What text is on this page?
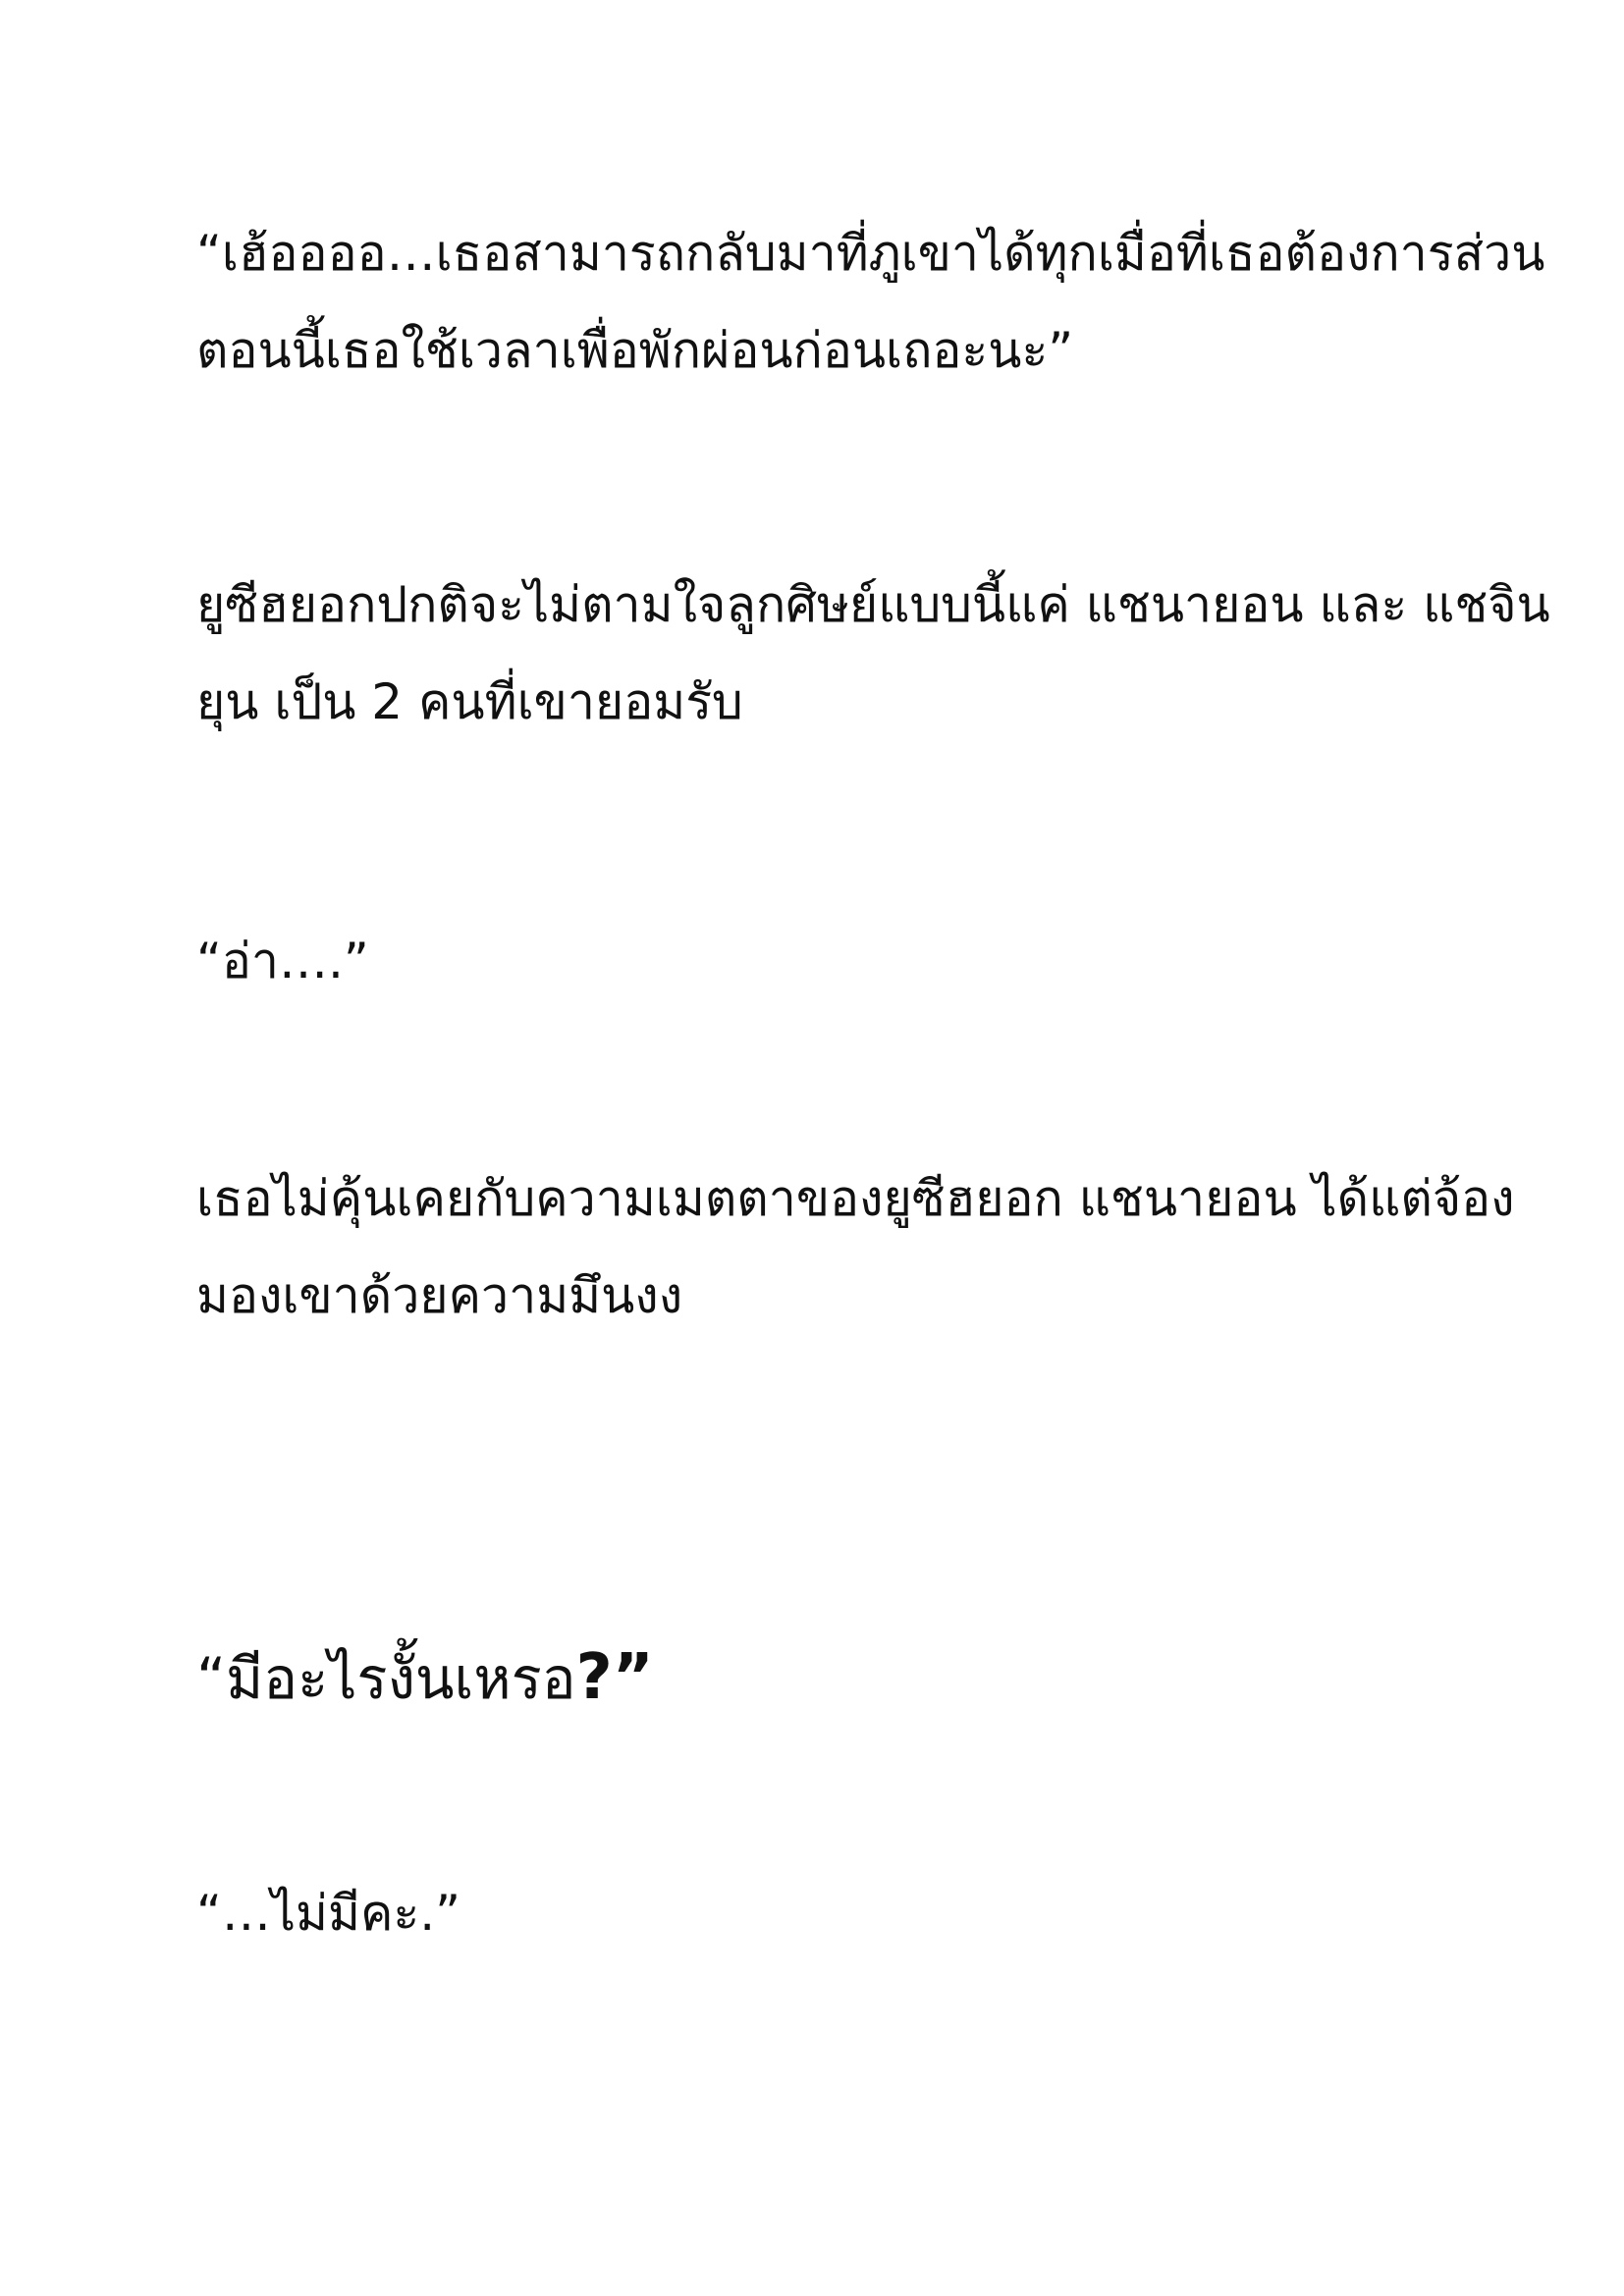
“เฮ้ออออ…เธอสามารถกลับมาที่ภูเขาได้ทุกเมื่อที่เธอต้องการส่วน
ตอนนี้เธอใช้เวลาเพื่อพักผ่อนก่อนเถอะนะ”

ยูซีฮยอกปกติจะไม่ตามใจลูกศิษย์แบบนี้แค่ แชนายอน และ แชจิน
ยุน เป็น 2 คนที่เขายอมรับ

“อ่า….”

เธอไม่คุ้นเคยกับความเมตตาของยูซีฮยอก แชนายอน ได้แต่จ้อง
มองเขาด้วยความมึนงง

“มีอะไรงั้นเหรอ?”

“…ไม่มีคะ.”
